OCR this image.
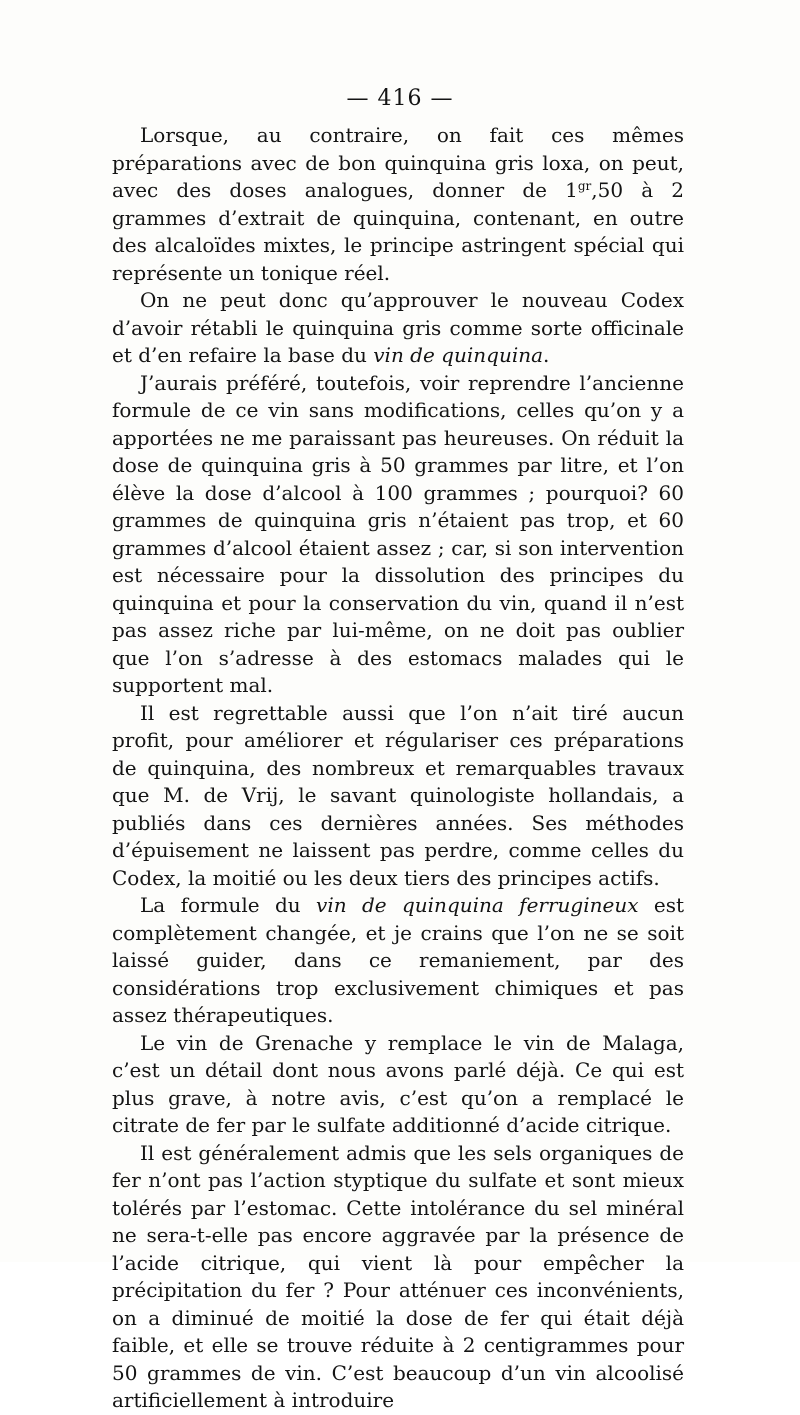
— 416 —

Lorsque, au contraire, on fait ces mêmes préparations avec de bon quinquina gris loxa, on peut, avec des doses analogues, donner de $1^{gr},50$ à 2 grammes d’extrait de quinquina, contenant, en outre des alcaloïdes mixtes, le principe astringent spécial qui représente un tonique réel.

On ne peut donc qu’approuver le nouveau Codex d’avoir rétabli le quinquina gris comme sorte officinale et d’en refaire la base du vin de quinquina.

J’aurais préféré, toutefois, voir reprendre l’ancienne formule de ce vin sans modifications, celles qu’on y a apportées ne me paraissant pas heureuses. On réduit la dose de quinquina gris à 50 grammes par litre, et l’on élève la dose d’alcool à 100 grammes ; pourquoi? 60 grammes de quinquina gris n’étaient pas trop, et 60 grammes d’alcool étaient assez ; car, si son intervention est nécessaire pour la dissolution des principes du quinquina et pour la conservation du vin, quand il n’est pas assez riche par lui-même, on ne doit pas oublier que l’on s’adresse à des estomacs malades qui le supportent mal.

Il est regrettable aussi que l’on n’ait tiré aucun profit, pour améliorer et régulariser ces préparations de quinquina, des nombreux et remarquables travaux que M. de Vrij, le savant quinologiste hollandais, a publiés dans ces dernières années. Ses méthodes d’épuisement ne laissent pas perdre, comme celles du Codex, la moitié ou les deux tiers des principes actifs.

La formule du vin de quinquina ferrugineux est complètement changée, et je crains que l’on ne se soit laissé guider, dans ce remaniement, par des considérations trop exclusivement chimiques et pas assez thérapeutiques.

Le vin de Grenache y remplace le vin de Malaga, c’est un détail dont nous avons parlé déjà. Ce qui est plus grave, à notre avis, c’est qu’on a remplacé le citrate de fer par le sulfate additionné d’acide citrique.

Il est généralement admis que les sels organiques de fer n’ont pas l’action styptique du sulfate et sont mieux tolérés par l’estomac. Cette intolérance du sel minéral ne sera-t-elle pas encore aggravée par la présence de l’acide citrique, qui vient là pour empêcher la précipitation du fer ? Pour atténuer ces inconvénients, on a diminué de moitié la dose de fer qui était déjà faible, et elle se trouve réduite à 2 centigrammes pour 50 grammes de vin. C’est beaucoup d’un vin alcoolisé artificiellement à introduire
